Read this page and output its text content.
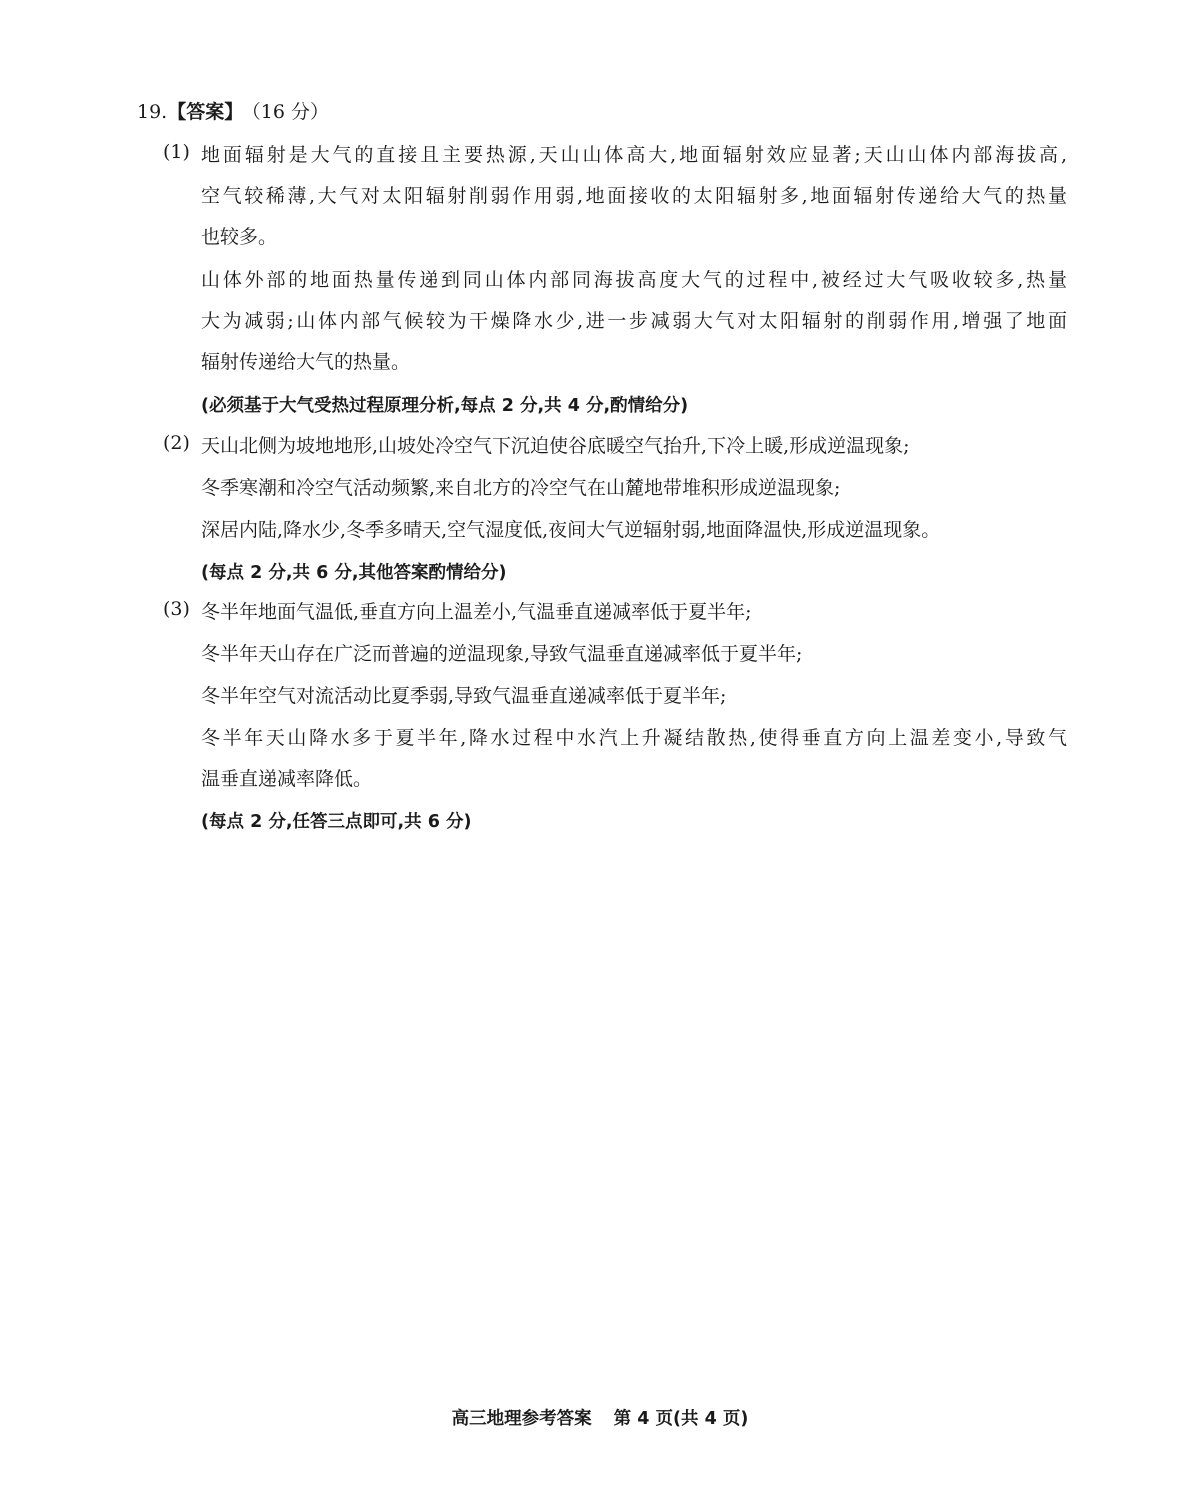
19.【答案】 （16 分）
(1) 地面辐射是大气的直接且主要热源,天山山体高大,地面辐射效应显著;天山山体内部海拔高,
空气较稀薄,大气对太阳辐射削弱作用弱,地面接收的太阳辐射多,地面辐射传递给大气的热量
也较多。
山体外部的地面热量传递到同山体内部同海拔高度大气的过程中,被经过大气吸收较多,热量
大为减弱;山体内部气候较为干燥降水少,进一步减弱大气对太阳辐射的削弱作用,增强了地面
辐射传递给大气的热量。
(必须基于大气受热过程原理分析,每点 2 分,共 4 分,酌情给分)
(2) 天山北侧为坡地地形,山坡处冷空气下沉迫使谷底暖空气抬升,下冷上暖,形成逆温现象;
冬季寒潮和冷空气活动频繁,来自北方的冷空气在山麓地带堆积形成逆温现象;
深居内陆,降水少,冬季多晴天,空气湿度低,夜间大气逆辐射弱,地面降温快,形成逆温现象。
(每点 2 分,共 6 分,其他答案酌情给分)
(3) 冬半年地面气温低,垂直方向上温差小,气温垂直递减率低于夏半年;
冬半年天山存在广泛而普遍的逆温现象,导致气温垂直递减率低于夏半年;
冬半年空气对流活动比夏季弱,导致气温垂直递减率低于夏半年;
冬半年天山降水多于夏半年,降水过程中水汽上升凝结散热,使得垂直方向上温差变小,导致气
温垂直递减率降低。
(每点 2 分,任答三点即可,共 6 分)
高三地理参考答案 第 4 页(共 4 页)
